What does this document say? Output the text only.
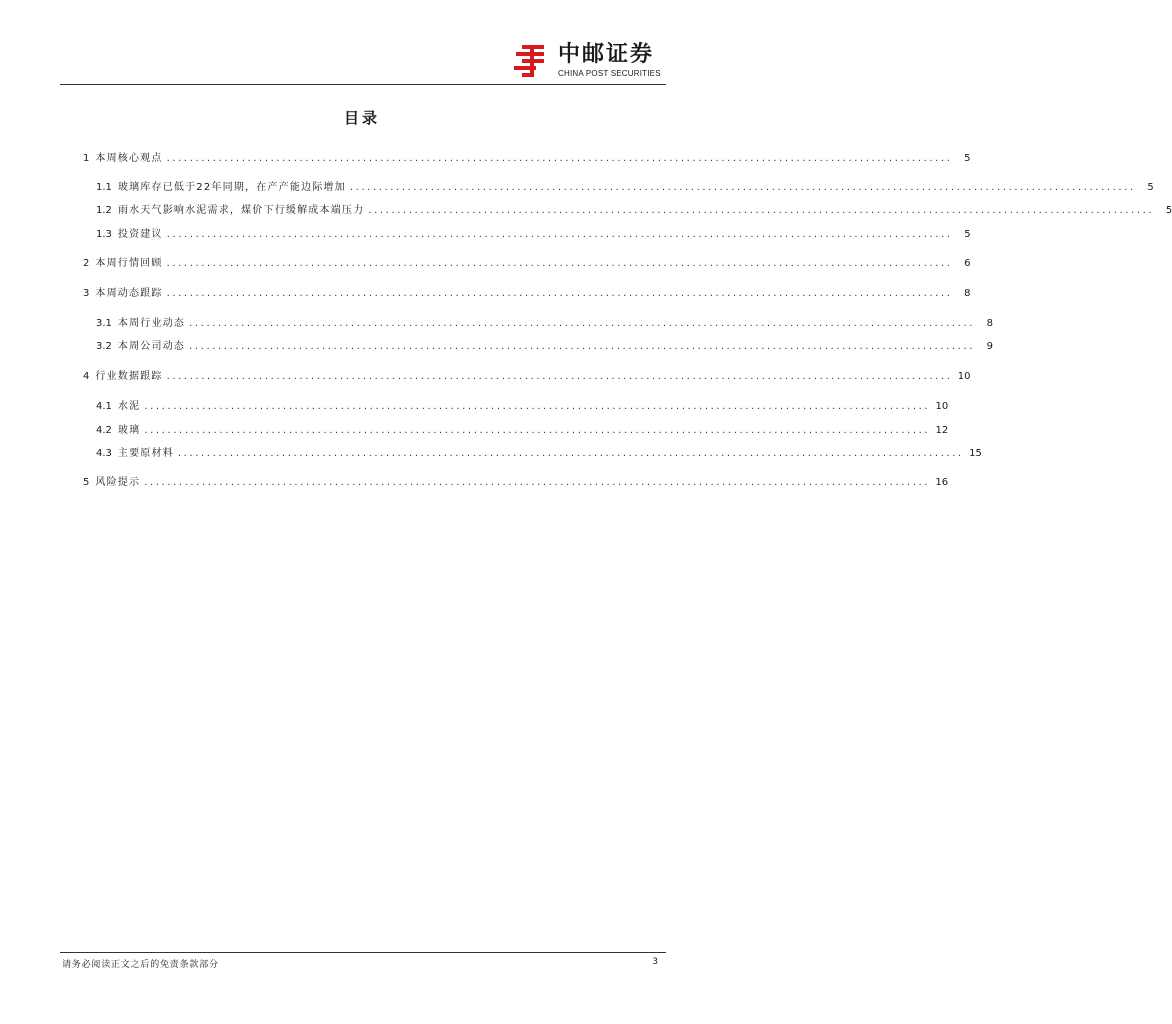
中邮证券
CHINA POST SECURITIES
目录
1 本周核心观点 ........................................................................................................................................	5
1.1 玻璃库存已低于22年同期，在产产能边际增加 ........................................................................................................................................	5
1.2 雨水天气影响水泥需求，煤价下行缓解成本端压力 ........................................................................................................................................	5
1.3 投资建议 ........................................................................................................................................	5
2 本周行情回顾 ........................................................................................................................................	6
3 本周动态跟踪 ........................................................................................................................................	8
3.1 本周行业动态 ........................................................................................................................................	8
3.2 本周公司动态 ........................................................................................................................................	9
4 行业数据跟踪 ........................................................................................................................................ 10
4.1 水泥 ........................................................................................................................................ 10
4.2 玻璃 ........................................................................................................................................ 12
4.3 主要原材料 ........................................................................................................................................ 15
5 风险提示 ........................................................................................................................................ 16
请务必阅读正文之后的免责条款部分	3
